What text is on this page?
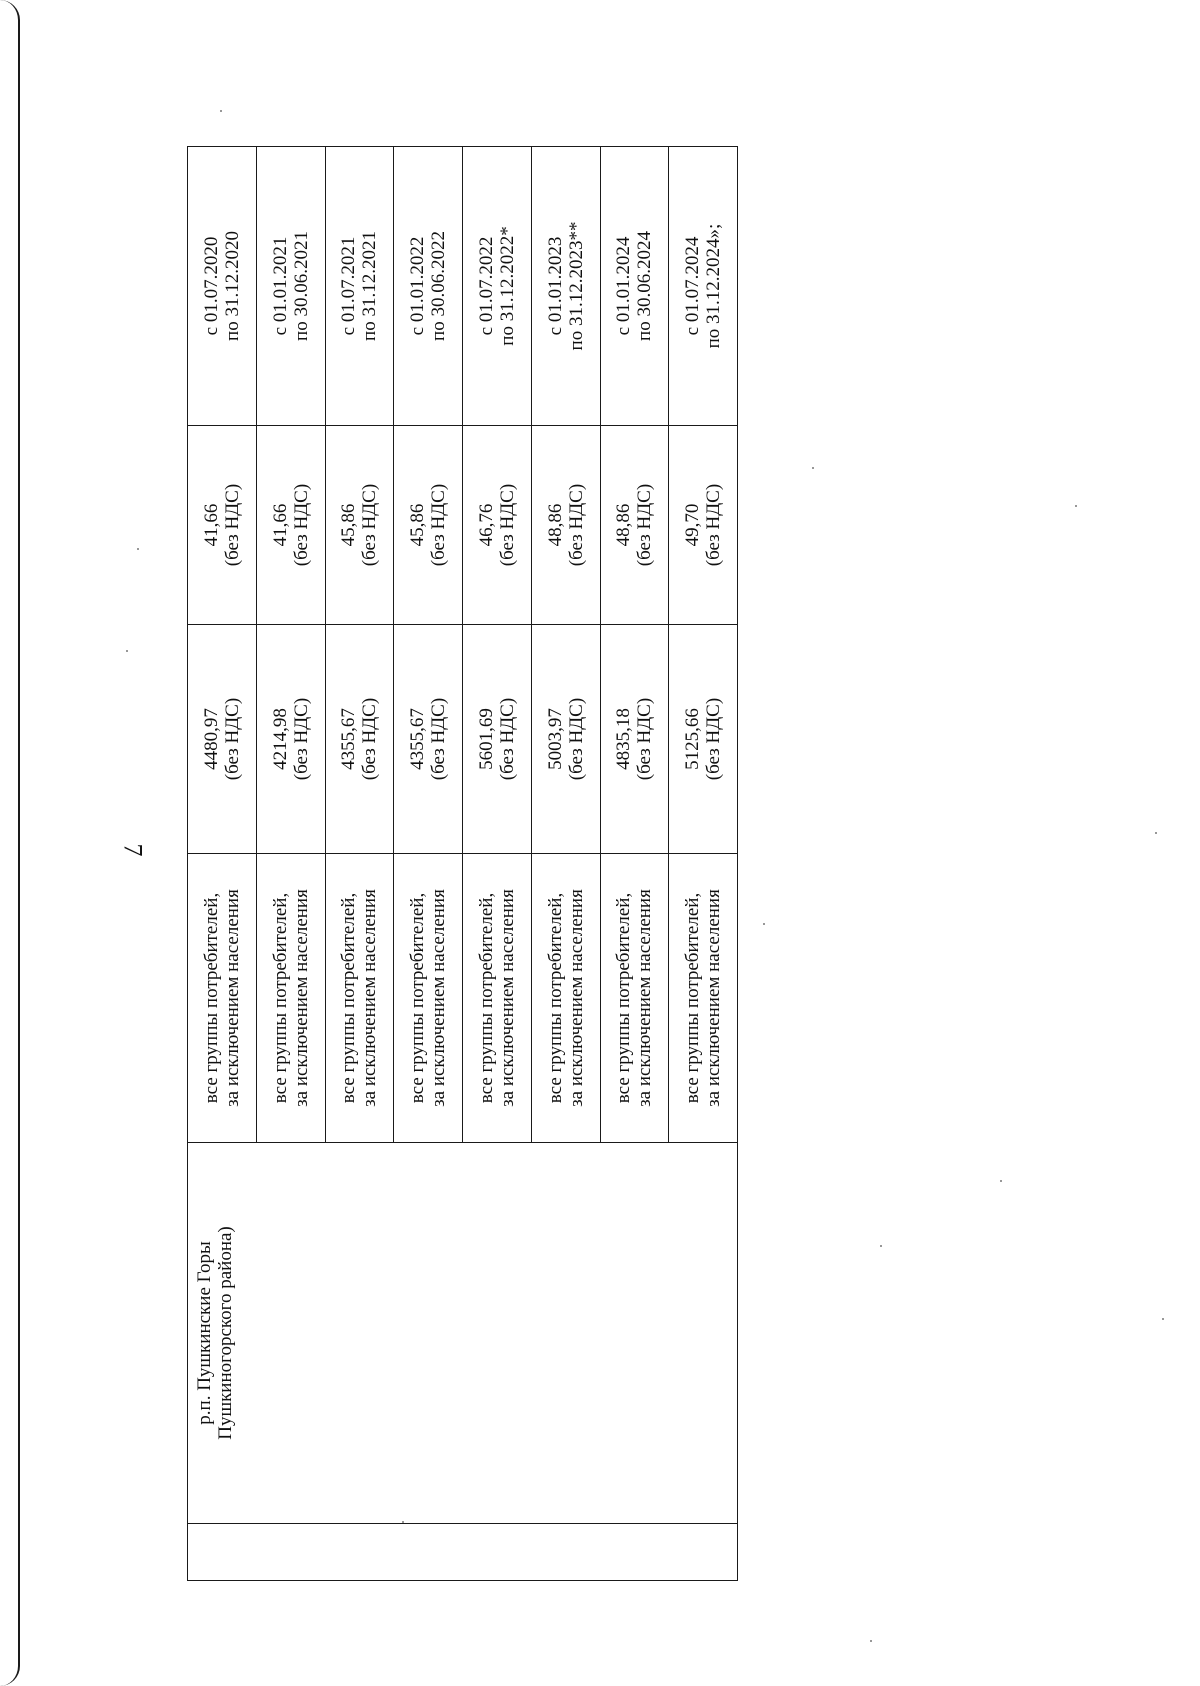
7

	р.п. Пушкинские Горы Пушкиногорского района)	все группы потребителей, за исключением населения	4480,97 (без НДС)	41,66 (без НДС)	с 01.07.2020 по 31.12.2020

		все группы потребителей, за исключением населения	4214,98 (без НДС)	41,66 (без НДС)	с 01.01.2021 по 30.06.2021

		все группы потребителей, за исключением населения	4355,67 (без НДС)	45,86 (без НДС)	с 01.07.2021 по 31.12.2021

		все группы потребителей, за исключением населения	4355,67 (без НДС)	45,86 (без НДС)	с 01.01.2022 по 30.06.2022

		все группы потребителей, за исключением населения	5601,69 (без НДС)	46,76 (без НДС)	с 01.07.2022 по 31.12.2022*

		все группы потребителей, за исключением населения	5003,97 (без НДС)	48,86 (без НДС)	с 01.01.2023 по 31.12.2023**

		все группы потребителей, за исключением населения	4835,18 (без НДС)	48,86 (без НДС)	с 01.01.2024 по 30.06.2024

		все группы потребителей, за исключением населения	5125,66 (без НДС)	49,70 (без НДС)	с 01.07.2024 по 31.12.2024»;
